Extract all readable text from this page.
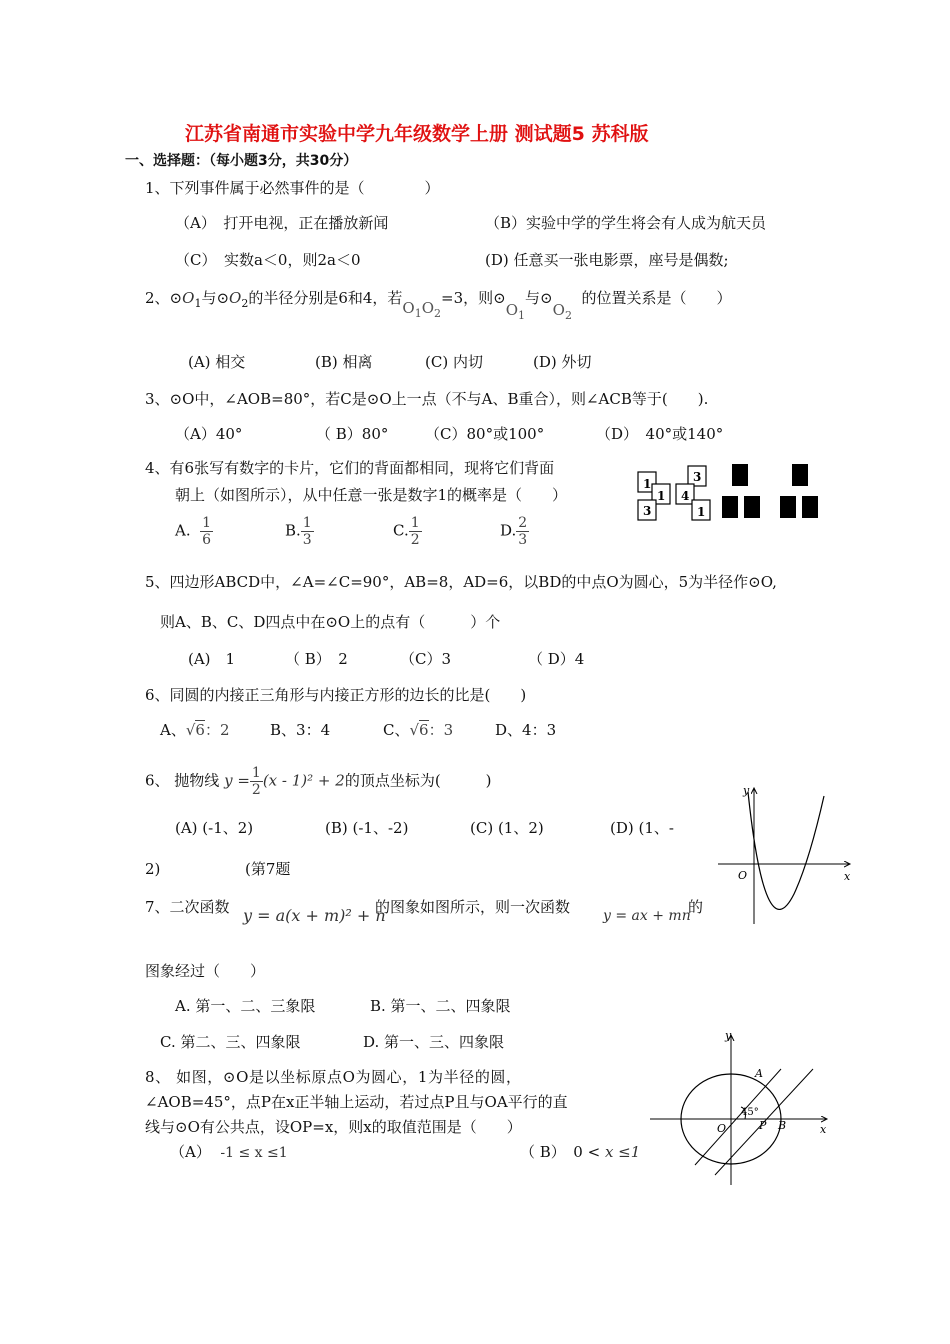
江苏省南通市实验中学九年级数学上册 测试题5 苏科版
一、选择题：（每小题3分，共30分）
1、下列事件属于必然事件的是（　　　　）
（A）　打开电视，正在播放新闻	（B）实验中学的学生将会有人成为航天员
（C）　实数a＜0，则2a＜0	(D) 任意买一张电影票，座号是偶数;
2、$⊙O_1$与$⊙O_2$的半径分别是6和4，若$O_1O_2=3$，则$⊙O_1$与$⊙O_2$  的位置关系是（　　）
(A) 相交	(B) 相离	(C) 内切	(D) 外切
3、⊙O中，∠AOB=80°，若C是⊙O上一点（不与A、B重合），则∠ACB等于(　　).
（A）40°	（ B）80° （C）80°或100°	（D）　40°或140°
4、有6张写有数字的卡片，它们的背面都相同，现将它们背面
朝上（如图所示），从中任意一张是数字1的概率是（　　）
A. $\frac{1}{6}$	B. $\frac{1}{3}$	C. $\frac{1}{2}$	D. $\frac{2}{3}$
1
1
3
3
4
1
5、四边形ABCD中，∠A=∠C=90°，AB=8，AD=6，以BD的中点O为圆心，5为半径作⊙O,
则A、B、C、D四点中在⊙O上的点有（　　　）个
(A)　1	（ B）　2	（C）3	（ D）4
6、同圆的内接正三角形与内接正方形的边长的比是(　　)
A、√6：2	B、3：4	C、√6：3	D、4：3
6、 抛物线 $y = \frac{1}{2} (x - 1)^2 + 2$的顶点坐标为(　　　)
(A) (-1、2)	(B) (-1、-2)	(C) (1、2)	(D) (1、-
2)	(第7题
y
x
O
7、二次函数 y = a(x + m)² + n
的图象如图所示，则一次函数 y = ax + mn
的
图象经过（　　）
A. 第一、二、三象限	B. 第一、二、四象限
C. 第二、三、四象限	D. 第一、三、四象限
8、 如图，⊙O是以坐标原点O为圆心，1为半径的圆，
∠AOB=45°，点P在x正半轴上运动，若过点P且与OA平行的直
线与⊙O有公共点，设OP=x，则x的取值范围是（　　）
（A） -1 ≤ x ≤1	（ B）　0 < x ≤1
y
x
O
A
P B
45°
